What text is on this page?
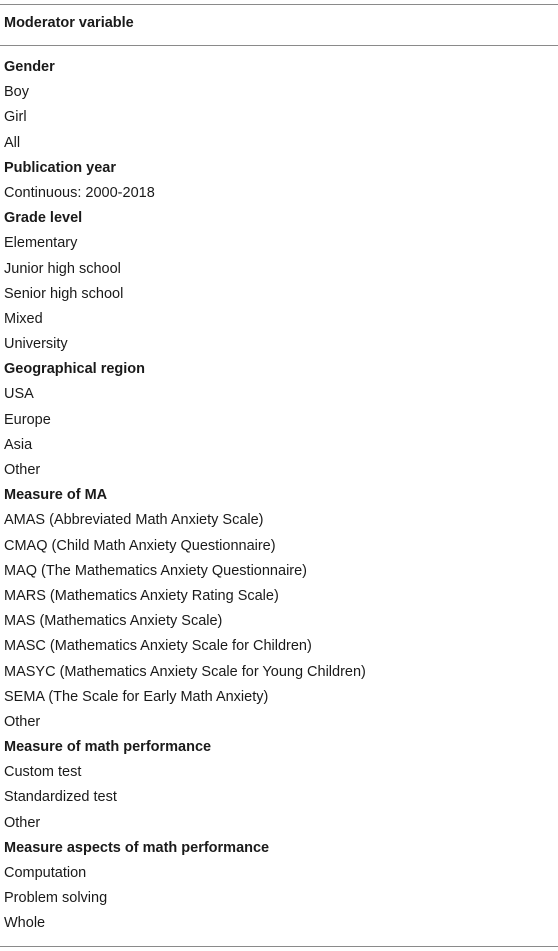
Moderator variable
Gender
Boy
Girl
All
Publication year
Continuous: 2000-2018
Grade level
Elementary
Junior high school
Senior high school
Mixed
University
Geographical region
USA
Europe
Asia
Other
Measure of MA
AMAS (Abbreviated Math Anxiety Scale)
CMAQ (Child Math Anxiety Questionnaire)
MAQ (The Mathematics Anxiety Questionnaire)
MARS (Mathematics Anxiety Rating Scale)
MAS (Mathematics Anxiety Scale)
MASC (Mathematics Anxiety Scale for Children)
MASYC (Mathematics Anxiety Scale for Young Children)
SEMA (The Scale for Early Math Anxiety)
Other
Measure of math performance
Custom test
Standardized test
Other
Measure aspects of math performance
Computation
Problem solving
Whole
